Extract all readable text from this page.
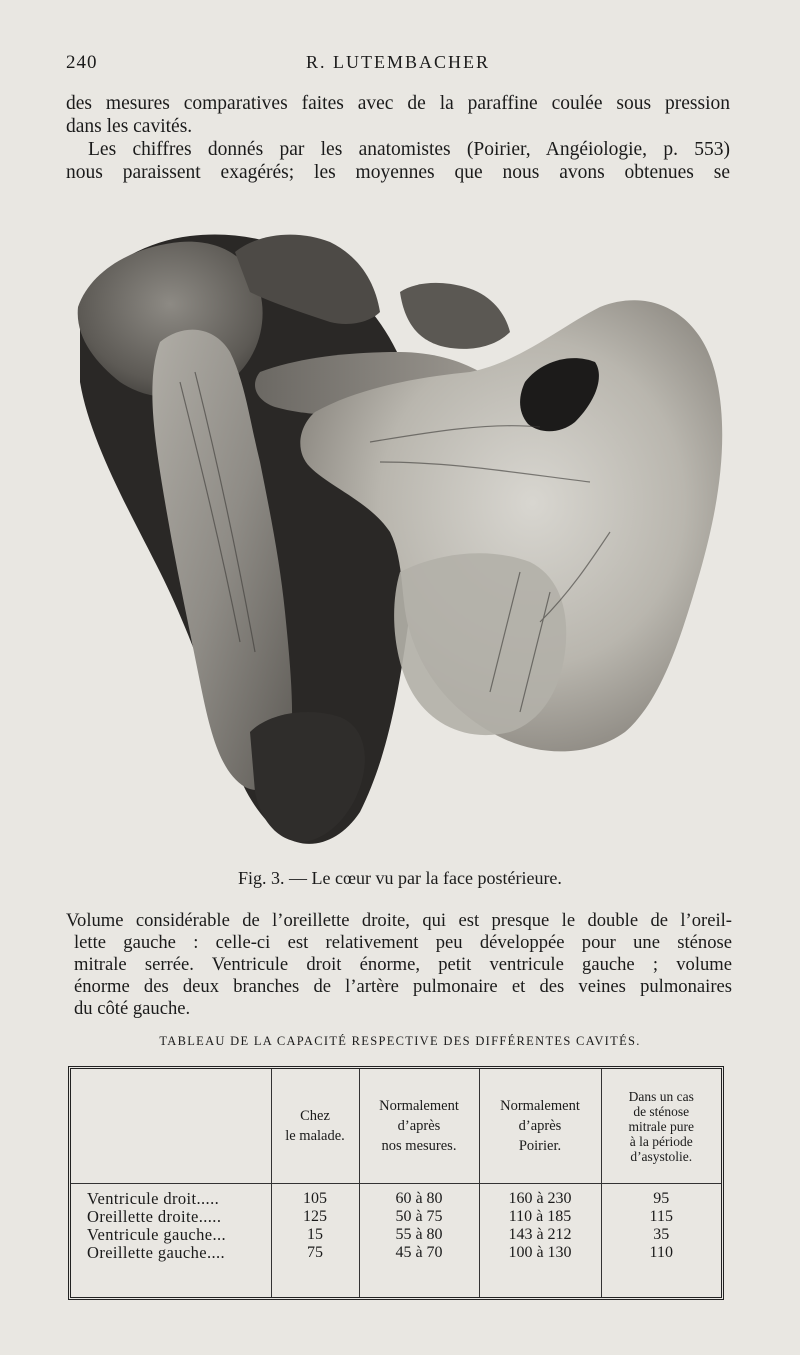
240	R. LUTEMBACHER
des mesures comparatives faites avec de la paraffine coulée sous pression
dans les cavités.
Les chiffres donnés par les anatomistes (Poirier, Angéiologie, p. 553)
nous paraissent exagérés; les moyennes que nous avons obtenues se
Fig. 3. — Le cœur vu par la face postérieure.
Volume considérable de l’oreillette droite, qui est presque le double de l’oreil-
lette gauche : celle-ci est relativement peu développée pour une sténose
mitrale serrée. Ventricule droit énorme, petit ventricule gauche ; volume
énorme des deux branches de l’artère pulmonaire et des veines pulmonaires
du côté gauche.
TABLEAU DE LA CAPACITÉ RESPECTIVE DES DIFFÉRENTES CAVITÉS.

	Chez
le malade.	Normalement
d’après
nos mesures.	Normalement
d’après
Poirier.	Dans un cas
de sténose
mitrale pure
à la période
d’asystolie.

Ventricule droit.....	105	60 à 80	160 à 230	95
Oreillette droite.....	125	50 à 75	110 à 185	115
Ventricule gauche...	15	55 à 80	143 à 212	35
Oreillette gauche....	75	45 à 70	100 à 130	110
